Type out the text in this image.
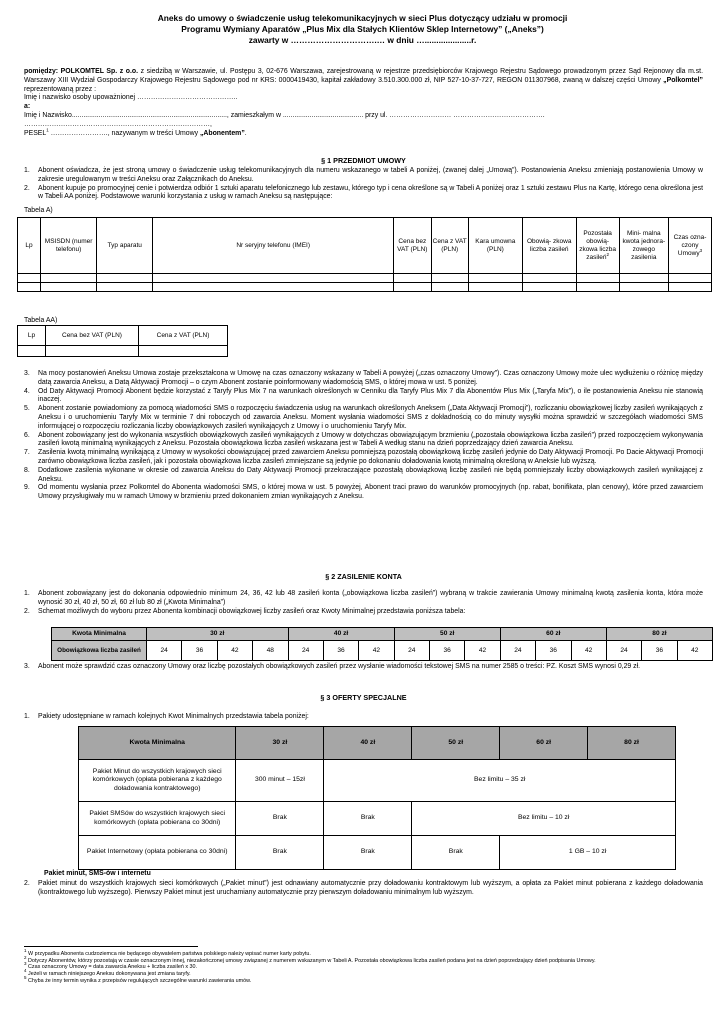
Aneks do umowy o świadczenie usług telekomunikacyjnych w sieci Plus dotyczący udziału w promocji
Programu Wymiany Aparatów „Plus Mix dla Stałych Klientów Sklep Internetowy” („Aneks”)
zawarty w ………………………….… w dniu …....................r.
pomiędzy: POLKOMTEL Sp. z o.o. z siedzibą w Warszawie, ul. Postępu 3, 02-676 Warszawa, zarejestrowaną w rejestrze przedsiębiorców Krajowego Rejestru Sądowego prowadzonym przez Sąd Rejonowy dla m.st. Warszawy XIII Wydział Gospodarczy Krajowego Rejestru Sądowego pod nr KRS: 0000419430, kapitał zakładowy 3.510.300.000 zł, NIP 527-10-37-727, REGON 011307968, zwaną w dalszej części Umowy „Polkomtel” reprezentowaną przez :
Imię i nazwisko osoby upoważnionej ……………………………………..
a:
Imię i Nazwisko................................................................................., zamieszkałym w .......................................... przy ul. ……………………… ………………………………….
………………………………………………………………………,
PESEL$^1$ ……………………., nazywanym w treści Umowy „Abonentem”.
§ 1 PRZEDMIOT UMOWY
1.	Abonent oświadcza, że jest stroną umowy o świadczenie usług telekomunikacyjnych dla numeru wskazanego w tabeli A poniżej, (zwanej dalej „Umową”). Postanowienia Aneksu zmieniają postanowienia Umowy w zakresie uregulowanym w treści Aneksu oraz Załącznikach do Aneksu.
2.	Abonent kupuje po promocyjnej cenie i potwierdza odbiór 1 sztuki aparatu telefonicznego lub zestawu, którego typ i cena określone są w Tabeli A poniżej oraz 1 sztuki zestawu Plus na Kartę, którego cena określona jest w Tabeli AA poniżej. Podstawowe warunki korzystania z usług w ramach Aneksu są następujące:
Tabela A)
Lp	MSISDN (numer telefonu)	Typ aparatu	Nr seryjny telefonu (IMEI)	Cena bez VAT (PLN)	Cena z VAT (PLN)	Kara umowna (PLN)	Obowią- zkowa liczba zasileń	Pozostała obowią- zkowa liczba zasileń$^2$	Mini- malna kwota jednora- zowego zasilenia	Czas ozna- czony Umowy$^3$

Tabela AA)
Lp	Cena bez VAT (PLN)	Cena z VAT (PLN)

3.	Na mocy postanowień Aneksu Umowa zostaje przekształcona w Umowę na czas oznaczony wskazany w Tabeli A powyżej („czas oznaczony Umowy”). Czas oznaczony Umowy może ulec wydłużeniu o różnicę między datą zawarcia Aneksu, a Datą Aktywacji Promocji – o czym Abonent zostanie poinformowany wiadomością SMS, o której mowa w ust. 5 poniżej.
4.	Od Daty Aktywacji Promocji Abonent będzie korzystać z Taryfy Plus Mix 7 na warunkach określonych w Cenniku dla Taryfy Plus Mix 7 dla Abonentów Plus Mix („Taryfa Mix”), o ile postanowienia Aneksu nie stanowią inaczej.
5.	Abonent zostanie powiadomiony za pomocą wiadomości SMS o rozpoczęciu świadczenia usług na warunkach określonych Aneksem („Data Aktywacji Promocji”), rozliczaniu obowiązkowej liczby zasileń wynikających z Aneksu i o uruchomieniu Taryfy Mix w terminie 7 dni roboczych od zawarcia Aneksu. Moment wysłania wiadomości SMS z dokładnością co do minuty wysyłki można sprawdzić w szczegółach wiadomości SMS informującej o rozpoczęciu rozliczania liczby obowiązkowych zasileń wynikających z Umowy i o uruchomieniu Taryfy Mix.
6.	Abonent zobowiązany jest do wykonania wszystkich obowiązkowych zasileń wynikających z Umowy w dotychczas obowiązującym brzmieniu („pozostała obowiązkowa liczba zasileń”) przed rozpoczęciem wykonywania zasileń kwotą minimalną wynikających z Aneksu. Pozostała obowiązkowa liczba zasileń wskazana jest w Tabeli A według stanu na dzień poprzedzający dzień zawarcia Aneksu.
7.	Zasilenia kwotą minimalną wynikającą z Umowy w wysokości obowiązującej przed zawarciem Aneksu pomniejszą pozostałą obowiązkową liczbę zasileń jedynie do Daty Aktywacji Promocji. Po Dacie Aktywacji Promocji zarówno obowiązkowa liczba zasileń, jak i pozostała obowiązkowa liczba zasileń zmniejszane są jedynie po dokonaniu doładowania kwotą minimalną określoną w Aneksie lub wyższą.
8.	Dodatkowe zasilenia wykonane w okresie od zawarcia Aneksu do Daty Aktywacji Promocji przekraczające pozostałą obowiązkową liczbę zasileń nie będą pomniejszały liczby obowiązkowych zasileń wynikającej z Aneksu.
9.	Od momentu wysłania przez Polkomtel do Abonenta wiadomości SMS, o której mowa w ust. 5 powyżej, Abonent traci prawo do warunków promocyjnych (np. rabat, bonifikata, plan cenowy), które przed zawarciem Umowy przysługiwały mu w ramach Umowy w brzmieniu przed dokonaniem zmian wynikających z Aneksu.
§ 2 ZASILENIE KONTA
1.	Abonent zobowiązany jest do dokonania odpowiednio minimum 24, 36, 42 lub 48 zasileń konta („obowiązkowa liczba zasileń”) wybraną w trakcie zawierania Umowy minimalną kwotą zasilenia konta, która może wynosić 30 zł, 40 zł, 50 zł, 60 zł lub 80 zł („Kwota Minimalna”)
2.	Schemat możliwych do wyboru przez Abonenta kombinacji obowiązkowej liczby zasileń oraz Kwoty Minimalnej przedstawia poniższa tabela:
Kwota Minimalna	30 zł				40 zł			50 zł			60 zł			80 zł		
Obowiązkowa liczba zasileń	24	36	42	48	24	36	42	24	36	42	24	36	42	24	36	42
3.	Abonent może sprawdzić czas oznaczony Umowy oraz liczbę pozostałych obowiązkowych zasileń przez wysłanie wiadomości tekstowej SMS na numer 2585 o treści: PZ. Koszt SMS wynosi 0,29 zł.
§ 3 OFERTY SPECJALNE
1.	Pakiety udostępniane w ramach kolejnych Kwot Minimalnych przedstawia tabela poniżej:
Kwota Minimalna	30 zł	40 zł	50 zł	60 zł	80 zł
Pakiet Minut do wszystkich krajowych sieci komórkowych (opłata pobierana z każdego doładowania kontraktowego)	300 minut – 15zł	Bez limitu – 35 zł			
Pakiet SMSów do wszystkich krajowych sieci komórkowych (opłata pobierana co 30dni)	Brak	Brak	Bez limitu – 10 zł		
Pakiet Internetowy (opłata pobierana co 30dni)	Brak	Brak	Brak	1 GB – 10 zł	
Pakiet minut, SMS-ów i internetu
2.	Pakiet minut do wszystkich krajowych sieci komórkowych („Pakiet minut”) jest odnawiany automatycznie przy doładowaniu kontraktowym lub wyższym, a opłata za Pakiet minut pobierana z każdego doładowania (kontraktowego lub wyższego). Pierwszy Pakiet minut jest uruchamiany automatycznie przy pierwszym doładowaniu minimalnym lub wyższym.
$^1$ W przypadku Abonenta cudzoziemca nie będącego obywatelem państwa polskiego należy wpisać numer karty pobytu.
$^2$ Dotyczy Abonentów, którzy pozostają w czasie oznaczonym innej, niezakończonej umowy związanej z numerem wskazanym w Tabeli A. Pozostała obowiązkowa liczba zasileń podana jest na dzień poprzedzający dzień podpisania Umowy.
$^3$ Czas oznaczony Umowy = data zawarcia Aneksu + liczba zasileń x 30.
$^4$ Jeżeli w ramach niniejszego Aneksu dokonywana jest zmiana taryfy.
$^5$ Chyba że inny termin wynika z przepisów regulujących szczególne warunki zawierania umów.
